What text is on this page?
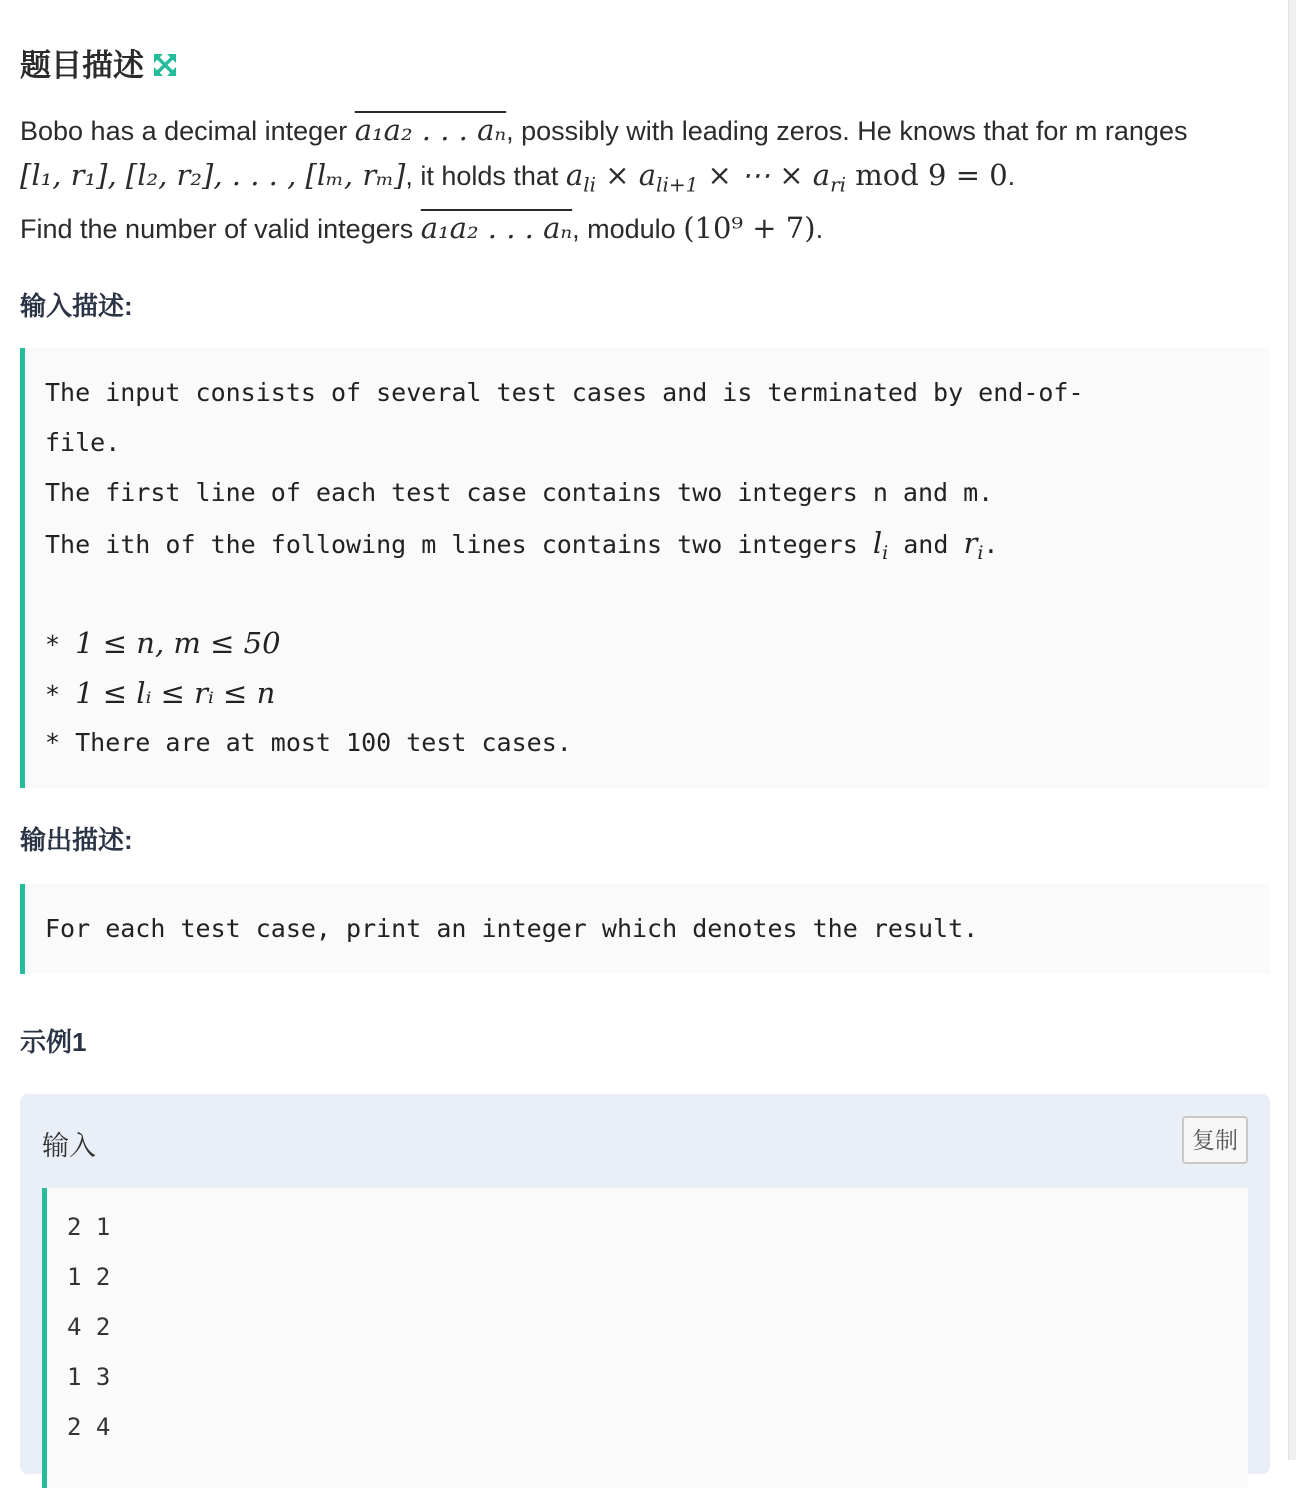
题目描述

Bobo has a decimal integer a₁a₂ . . . aₙ, possibly with leading zeros. He knows that for m ranges

[l₁, r₁], [l₂, r₂], . . . , [lₘ, rₘ], it holds that $a_{li} \times a_{li+1}$ × ⋯ × $a_{ri}$ mod 9 = 0.

Find the number of valid integers a₁a₂ . . . aₙ, modulo (10⁹ + 7).

输入描述:
The input consists of several test cases and is terminated by end-of-
file.
The first line of each test case contains two integers n and m.
The ith of the following m lines contains two integers $l_i$ and $r_i$.
* 1 ≤ n, m ≤ 50
* 1 ≤ lᵢ ≤ rᵢ ≤ n
* There are at most 100 test cases.
输出描述:
For each test case, print an integer which denotes the result.
示例1
输入	复制
2 1
1 2
4 2
1 3
2 4
